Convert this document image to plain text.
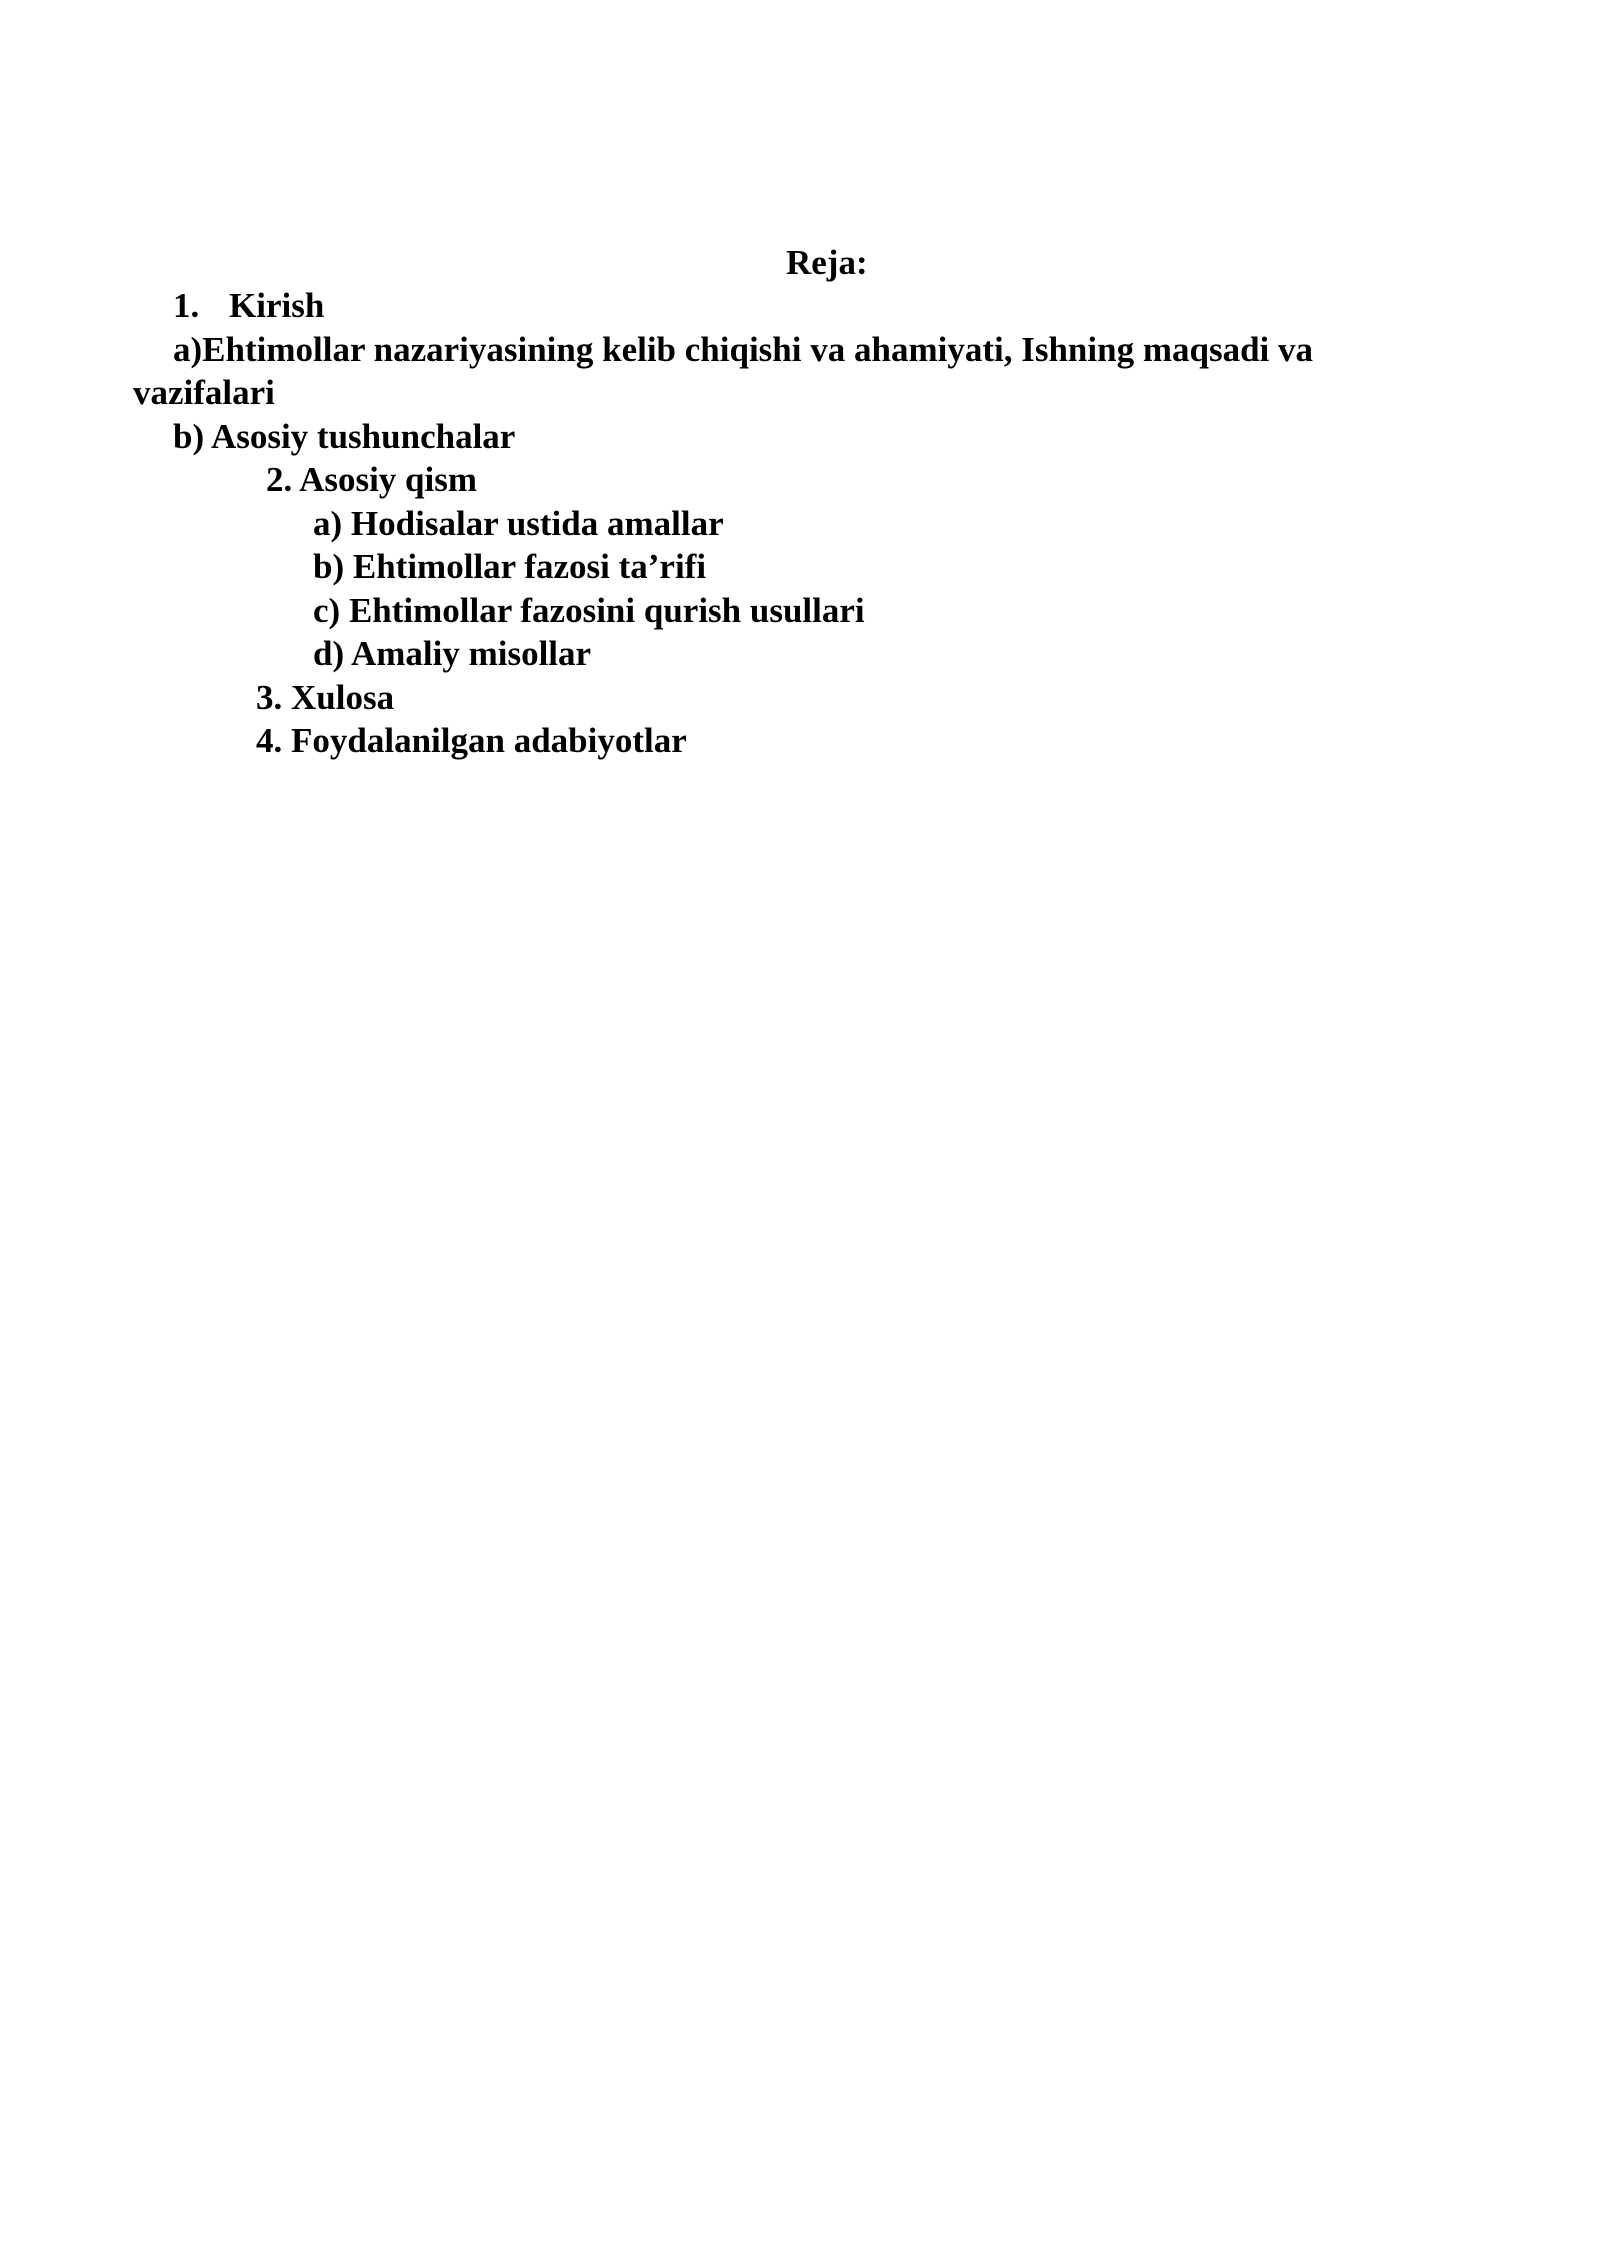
Reja:
1. Kirish
a)Ehtimollar nazariyasining kelib chiqishi va ahamiyati, Ishning maqsadi va
vazifalari
b) Asosiy tushunchalar
2. Asosiy qism
a) Hodisalar ustida amallar
b) Ehtimollar fazosi ta’rifi
c) Ehtimollar fazosini qurish usullari
d) Amaliy misollar
3. Xulosa
4. Foydalanilgan adabiyotlar
